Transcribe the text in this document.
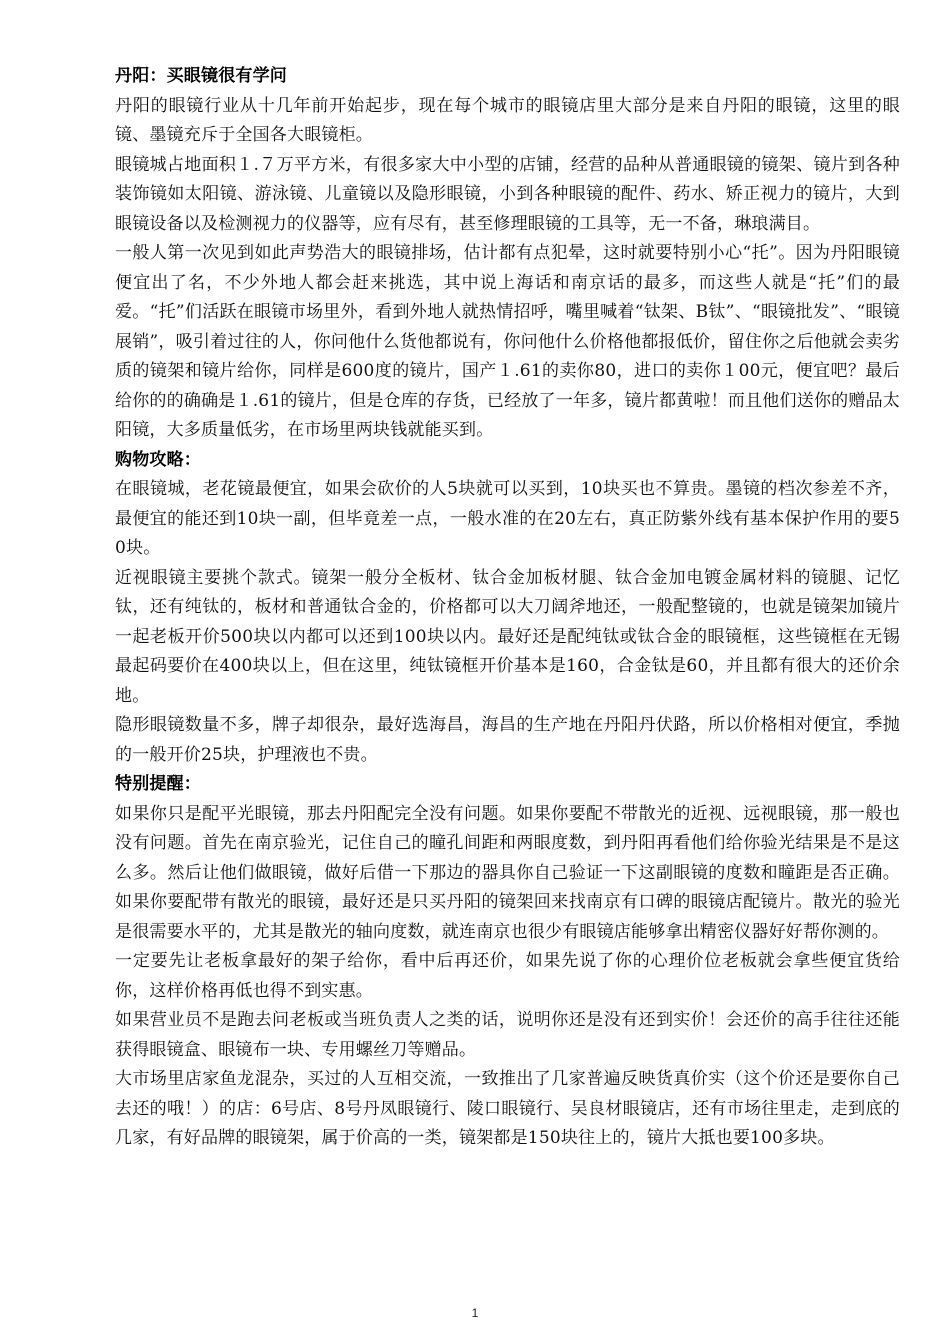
丹阳：买眼镜很有学问

丹阳的眼镜行业从十几年前开始起步，现在每个城市的眼镜店里大部分是来自丹阳的眼镜，这里的眼镜、墨镜充斥于全国各大眼镜柜。

眼镜城占地面积１.７万平方米，有很多家大中小型的店铺，经营的品种从普通眼镜的镜架、镜片到各种装饰镜如太阳镜、游泳镜、儿童镜以及隐形眼镜，小到各种眼镜的配件、药水、矫正视力的镜片，大到眼镜设备以及检测视力的仪器等，应有尽有，甚至修理眼镜的工具等，无一不备，琳琅满目。

一般人第一次见到如此声势浩大的眼镜排场，估计都有点犯晕，这时就要特别小心“托”。因为丹阳眼镜便宜出了名，不少外地人都会赶来挑选，其中说上海话和南京话的最多，而这些人就是“托”们的最爱。“托”们活跃在眼镜市场里外，看到外地人就热情招呼，嘴里喊着“钛架、B钛”、“眼镜批发”、“眼镜展销”，吸引着过往的人，你问他什么货他都说有，你问他什么价格他都报低价，留住你之后他就会卖劣质的镜架和镜片给你，同样是600度的镜片，国产１.61的卖你80，进口的卖你１00元，便宜吧？最后给你的的确确是１.61的镜片，但是仓库的存货，已经放了一年多，镜片都黄啦！而且他们送你的赠品太阳镜，大多质量低劣，在市场里两块钱就能买到。

购物攻略：

在眼镜城，老花镜最便宜，如果会砍价的人5块就可以买到，10块买也不算贵。墨镜的档次参差不齐，最便宜的能还到10块一副，但毕竟差一点，一般水准的在20左右，真正防紫外线有基本保护作用的要50块。

近视眼镜主要挑个款式。镜架一般分全板材、钛合金加板材腿、钛合金加电镀金属材料的镜腿、记忆钛，还有纯钛的，板材和普通钛合金的，价格都可以大刀阔斧地还，一般配整镜的，也就是镜架加镜片一起老板开价500块以内都可以还到100块以内。最好还是配纯钛或钛合金的眼镜框，这些镜框在无锡最起码要价在400块以上，但在这里，纯钛镜框开价基本是160，合金钛是60，并且都有很大的还价余地。

隐形眼镜数量不多，牌子却很杂，最好选海昌，海昌的生产地在丹阳丹伏路，所以价格相对便宜，季抛的一般开价25块，护理液也不贵。

特别提醒：

如果你只是配平光眼镜，那去丹阳配完全没有问题。如果你要配不带散光的近视、远视眼镜，那一般也没有问题。首先在南京验光，记住自己的瞳孔间距和两眼度数，到丹阳再看他们给你验光结果是不是这么多。然后让他们做眼镜，做好后借一下那边的器具你自己验证一下这副眼镜的度数和瞳距是否正确。如果你要配带有散光的眼镜，最好还是只买丹阳的镜架回来找南京有口碑的眼镜店配镜片。散光的验光是很需要水平的，尤其是散光的轴向度数，就连南京也很少有眼镜店能够拿出精密仪器好好帮你测的。

一定要先让老板拿最好的架子给你，看中后再还价，如果先说了你的心理价位老板就会拿些便宜货给你，这样价格再低也得不到实惠。

如果营业员不是跑去问老板或当班负责人之类的话，说明你还是没有还到实价！会还价的高手往往还能获得眼镜盒、眼镜布一块、专用螺丝刀等赠品。

大市场里店家鱼龙混杂，买过的人互相交流，一致推出了几家普遍反映货真价实（这个价还是要你自己去还的哦！）的店：6号店、8号丹凤眼镜行、陵口眼镜行、吴良材眼镜店，还有市场往里走，走到底的几家，有好品牌的眼镜架，属于价高的一类，镜架都是150块往上的，镜片大抵也要100多块。

1
